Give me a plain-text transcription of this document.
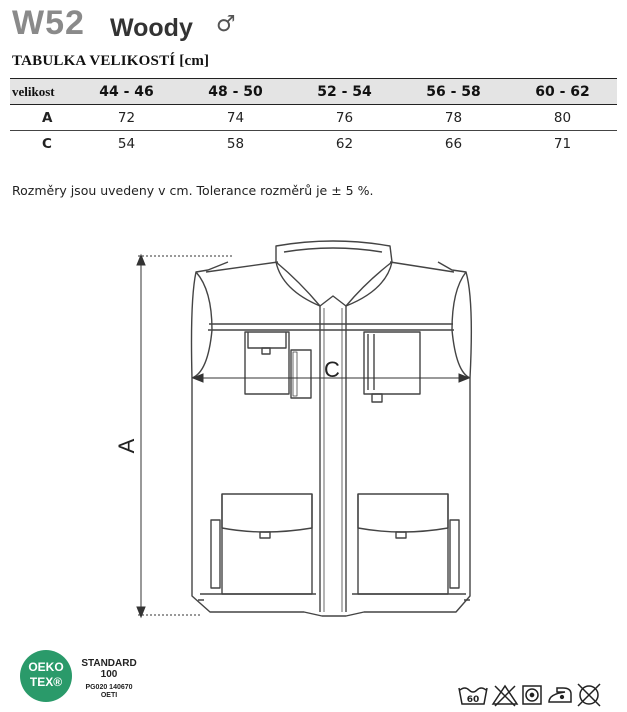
W52 Woody ♂
TABULKA VELIKOSTÍ [cm]
velikost	44 - 46	48 - 50	52 - 54	56 - 58	60 - 62
A	72	74	76	78	80
C	54	58	62	66	71
Rozměry jsou uvedeny v cm. Tolerance rozměrů je ± 5 %.
A
C
OEKO
TEX®
STANDARD
100
PG020 140670
OETI	60
